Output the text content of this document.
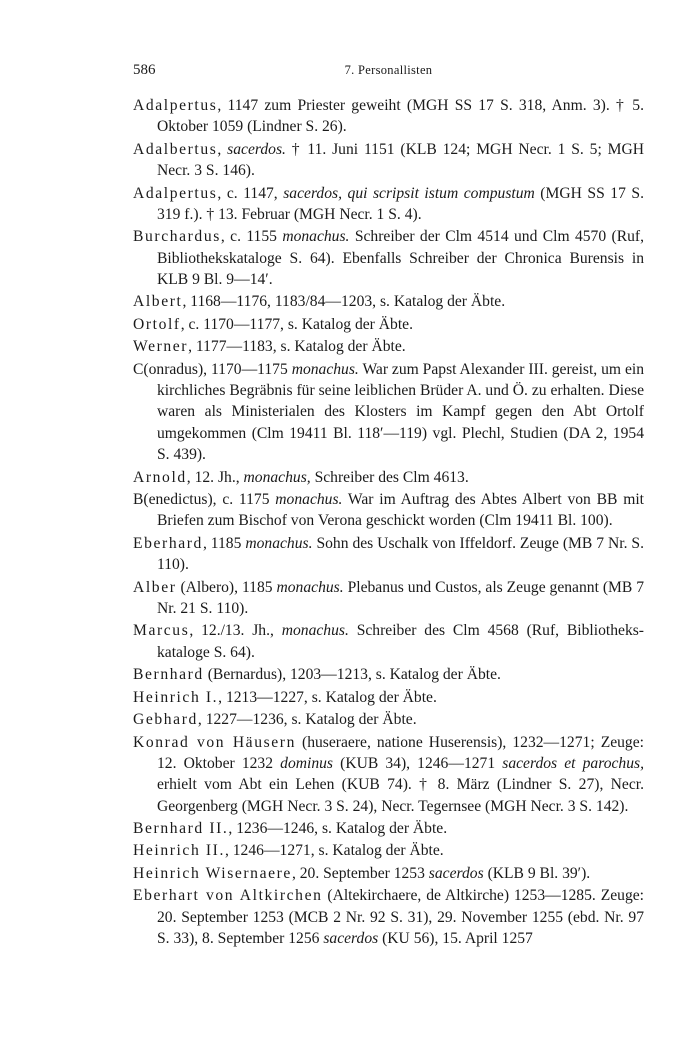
586	7. Personallisten

Adalpertus, 1147 zum Priester geweiht (MGH SS 17 S. 318, Anm. 3). † 5. Oktober 1059 (Lindner S. 26).

Adalbertus, sacerdos. † 11. Juni 1151 (KLB 124; MGH Necr. 1 S. 5; MGH Necr. 3 S. 146).

Adalpertus, c. 1147, sacerdos, qui scripsit istum compustum (MGH SS 17 S. 319 f.). † 13. Februar (MGH Necr. 1 S. 4).

Burchardus, c. 1155 monachus. Schreiber der Clm 4514 und Clm 4570 (Ruf, Bibliothekskataloge S. 64). Ebenfalls Schreiber der Chronica Burensis in KLB 9 Bl. 9—14′.

Albert, 1168—1176, 1183/84—1203, s. Katalog der Äbte.

Ortolf, c. 1170—1177, s. Katalog der Äbte.

Werner, 1177—1183, s. Katalog der Äbte.

C(onradus), 1170—1175 monachus. War zum Papst Alexander III. gereist, um ein kirchliches Begräbnis für seine leiblichen Brüder A. und Ö. zu erhalten. Diese waren als Ministerialen des Klosters im Kampf gegen den Abt Ortolf umgekommen (Clm 19411 Bl. 118′—119) vgl. Plechl, Studien (DA 2, 1954 S. 439).

Arnold, 12. Jh., monachus, Schreiber des Clm 4613.

B(enedictus), c. 1175 monachus. War im Auftrag des Abtes Albert von BB mit Briefen zum Bischof von Verona geschickt worden (Clm 19411 Bl. 100).

Eberhard, 1185 monachus. Sohn des Uschalk von Iffeldorf. Zeuge (MB 7 Nr. S. 110).

Alber (Albero), 1185 monachus. Plebanus und Custos, als Zeuge genannt (MB 7 Nr. 21 S. 110).

Marcus, 12./13. Jh., monachus. Schreiber des Clm 4568 (Ruf, Bibliotheks-kataloge S. 64).

Bernhard (Bernardus), 1203—1213, s. Katalog der Äbte.

Heinrich I., 1213—1227, s. Katalog der Äbte.

Gebhard, 1227—1236, s. Katalog der Äbte.

Konrad von Häusern (huseraere, natione Huserensis), 1232—1271; Zeuge: 12. Oktober 1232 dominus (KUB 34), 1246—1271 sacerdos et parochus, erhielt vom Abt ein Lehen (KUB 74). † 8. März (Lindner S. 27), Necr. Georgenberg (MGH Necr. 3 S. 24), Necr. Tegernsee (MGH Necr. 3 S. 142).

Bernhard II., 1236—1246, s. Katalog der Äbte.

Heinrich II., 1246—1271, s. Katalog der Äbte.

Heinrich Wisernaere, 20. September 1253 sacerdos (KLB 9 Bl. 39′).

Eberhart von Altkirchen (Altekirchaere, de Altkirche) 1253—1285. Zeuge: 20. September 1253 (MCB 2 Nr. 92 S. 31), 29. November 1255 (ebd. Nr. 97 S. 33), 8. September 1256 sacerdos (KU 56), 15. April 1257
